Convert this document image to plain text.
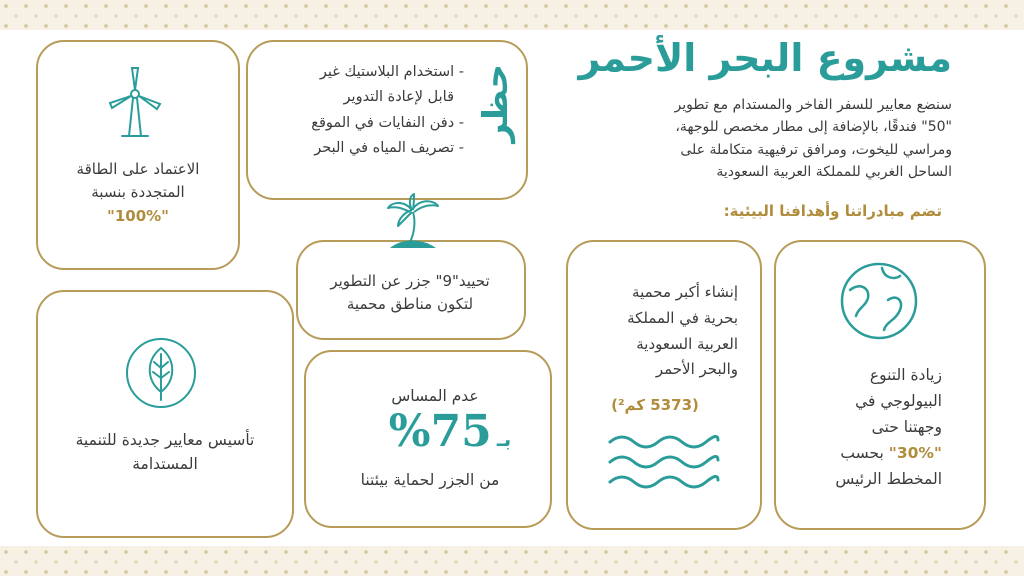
مشروع البحر الأحمر
سنضع معايير للسفر الفاخر والمستدام مع تطوير
"50" فندقًا، بالإضافة إلى مطار مخصص للوجهة،
ومراسي لليخوت، ومرافق ترفيهية متكاملة على
الساحل الغربي للمملكة العربية السعودية
تضم مبادراتنا وأهدافنا البيئية:
حظر
- استخدام البلاستيك غير
قابل لإعادة التدوير
- دفن النفايات في الموقع
- تصريف المياه في البحر
الاعتماد على الطاقة
المتجددة بنسبة
"100%"
تحييد"9" جزر عن التطوير
لتكون مناطق محمية
تأسيس معايير جديدة للتنمية
المستدامة
عدم المساس
بـ 75%
من الجزر لحماية بيئتنا
إنشاء أكبر محمية
بحرية في المملكة
العربية السعودية
والبحر الأحمر
(5373 كم²)
زيادة التنوع
البيولوجي في
وجهتنا حتى
"30%" بحسب
المخطط الرئيس
